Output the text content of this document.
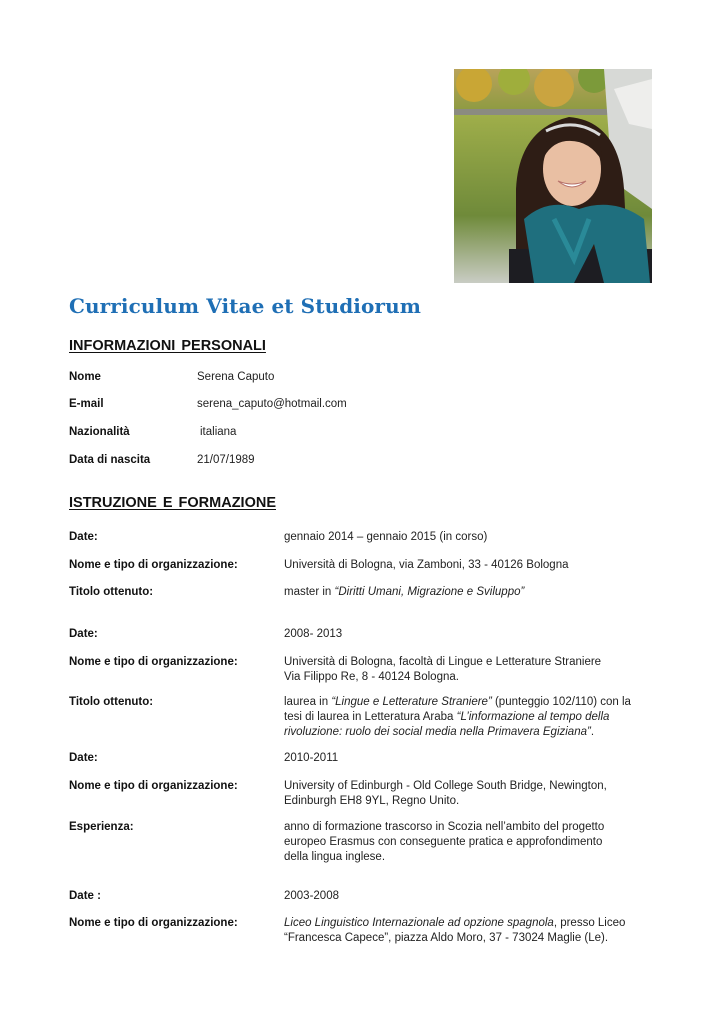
Curriculum Vitae et Studiorum
INFORMAZIONI PERSONALI
Nome	Serena Caputo
E-mail	serena_caputo@hotmail.com
Nazionalità	italiana
Data di nascita	21/07/1989
ISTRUZIONE E FORMAZIONE
Date:	gennaio 2014 – gennaio 2015 (in corso)
Nome e tipo di organizzazione:	Università di Bologna, via Zamboni, 33 - 40126 Bologna
Titolo ottenuto:	master in “Diritti Umani, Migrazione e Sviluppo”
Date:	2008- 2013
Nome e tipo di organizzazione:	Università di Bologna, facoltà di Lingue e Letterature Straniere
Via Filippo Re, 8 - 40124 Bologna.
Titolo ottenuto:	laurea in “Lingue e Letterature Straniere” (punteggio 102/110) con la
tesi di laurea in Letteratura Araba “L’informazione al tempo della
rivoluzione: ruolo dei social media nella Primavera Egiziana”.
Date:	2010-2011
Nome e tipo di organizzazione:	University of Edinburgh - Old College South Bridge, Newington,
Edinburgh EH8 9YL, Regno Unito.
Esperienza:	anno di formazione trascorso in Scozia nell’ambito del progetto
europeo Erasmus con conseguente pratica e approfondimento
della lingua inglese.
Date :	2003-2008
Nome e tipo di organizzazione:	Liceo Linguistico Internazionale ad opzione spagnola, presso Liceo
“Francesca Capece”, piazza Aldo Moro, 37 - 73024 Maglie (Le).
